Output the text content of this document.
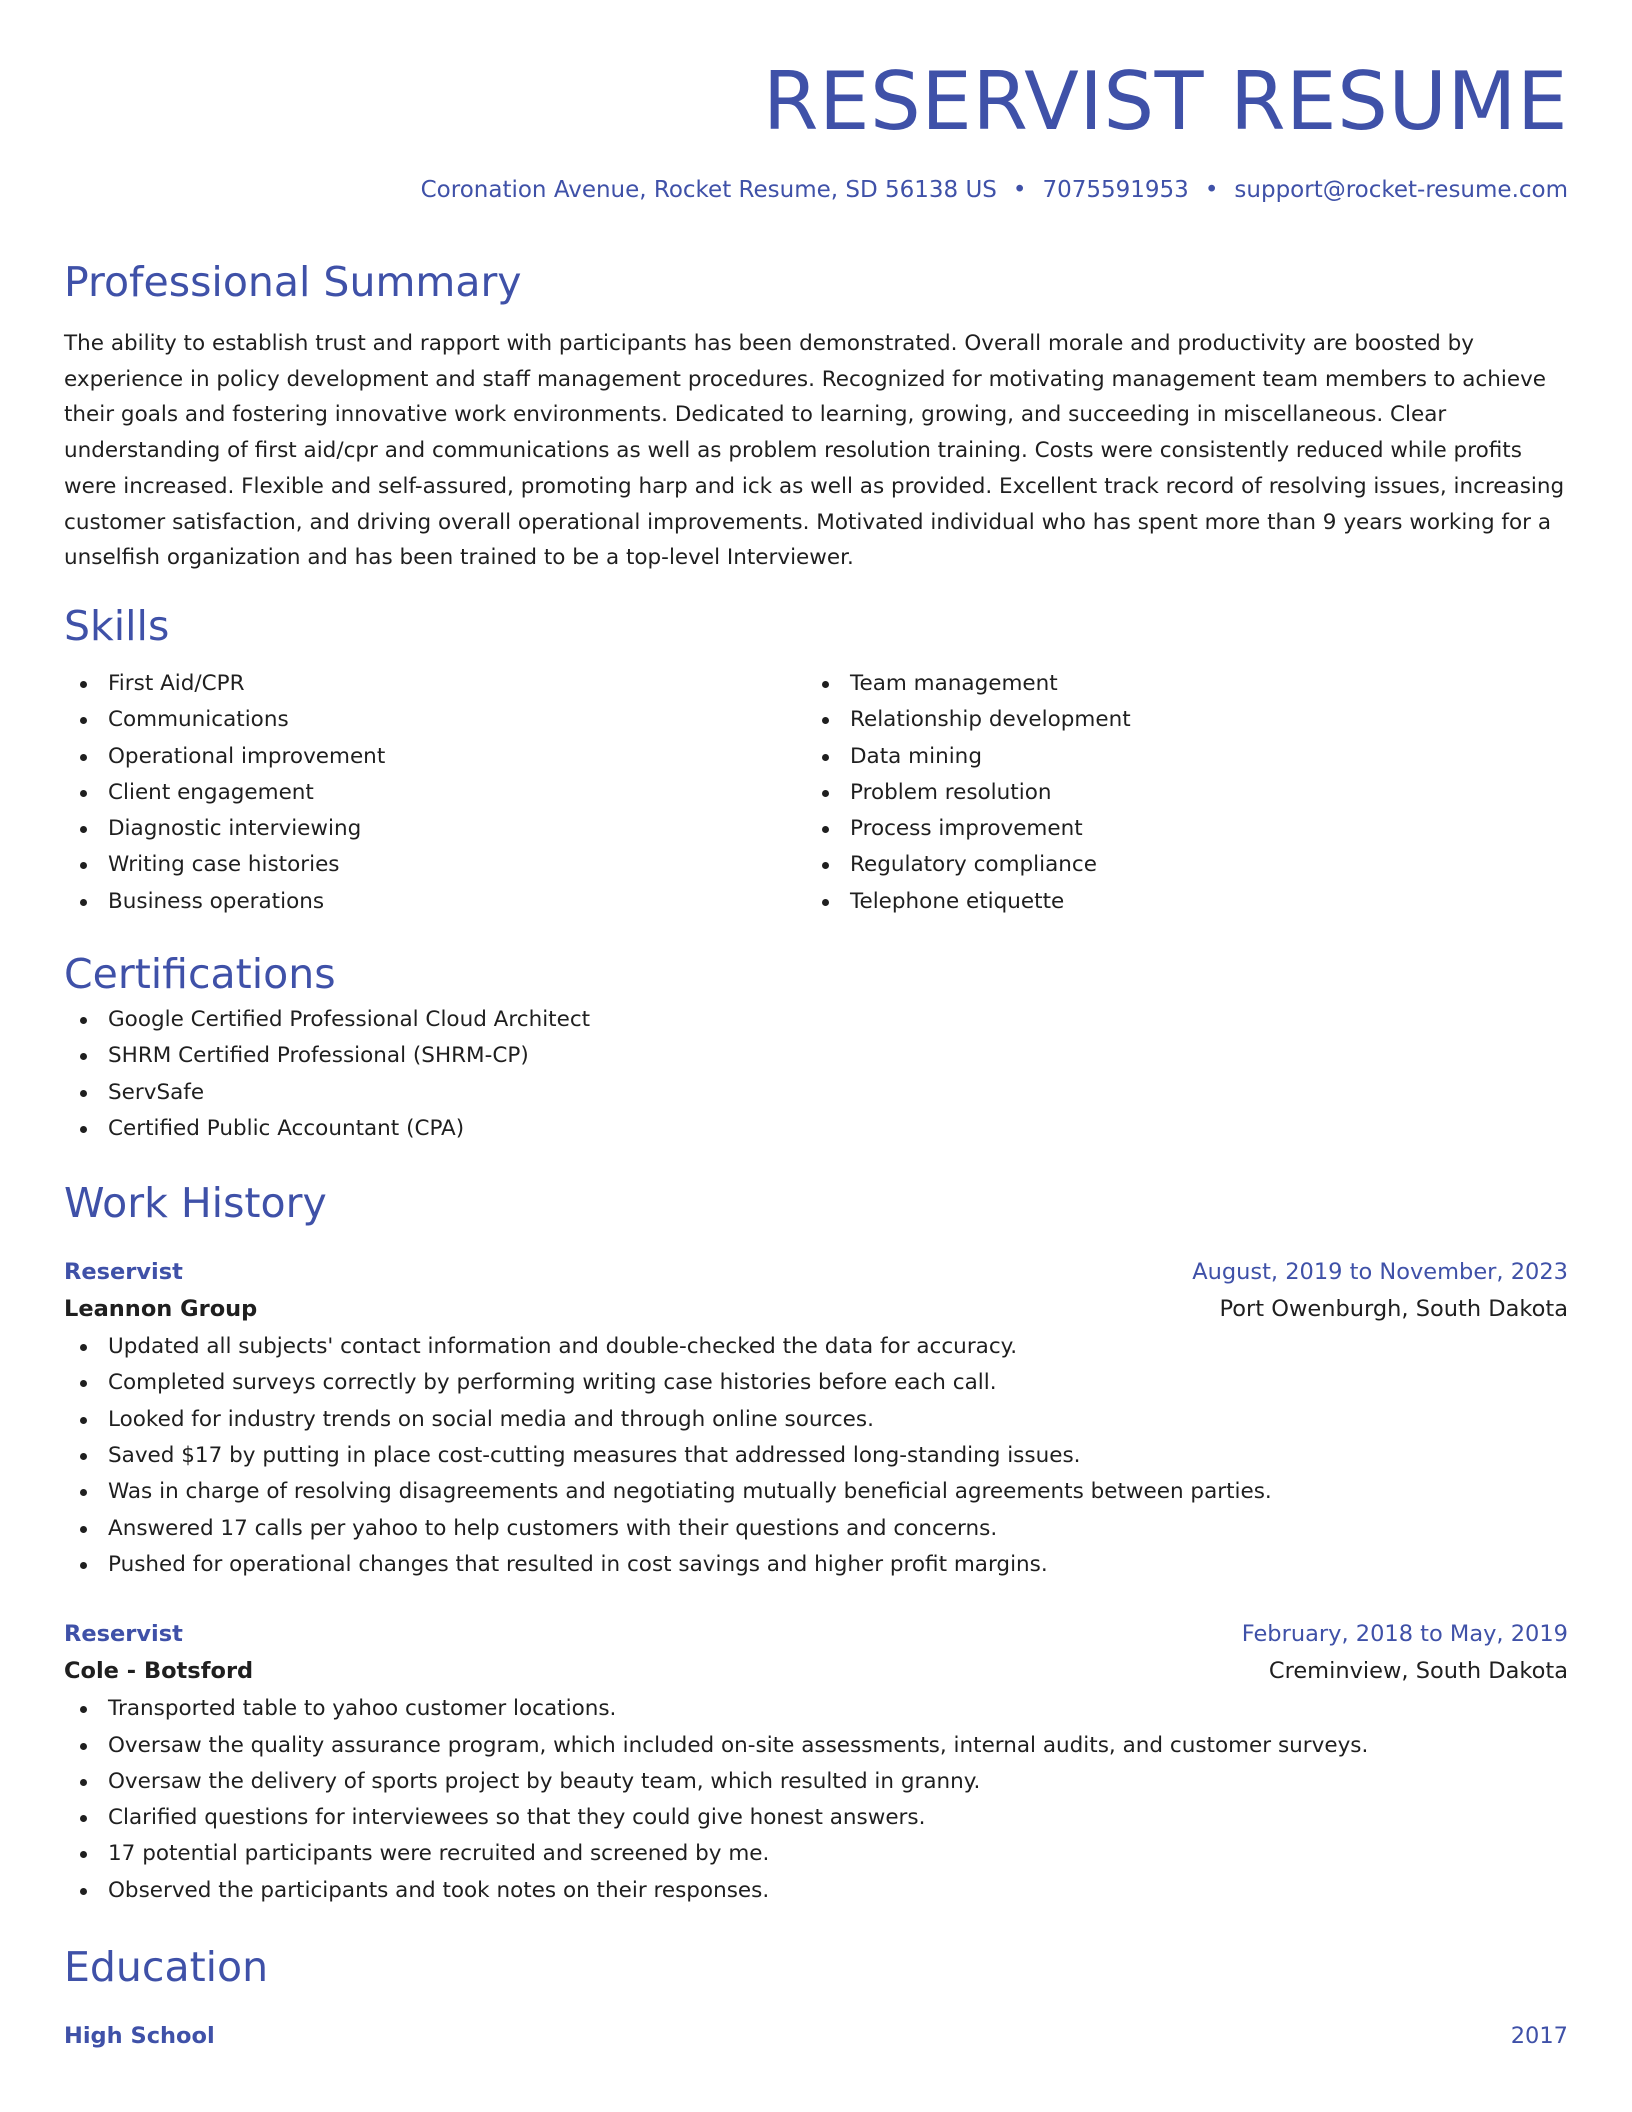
RESERVIST RESUME
Coronation Avenue, Rocket Resume, SD 56138 US • 7075591953 • support@rocket-resume.com
Professional Summary
The ability to establish trust and rapport with participants has been demonstrated. Overall morale and productivity are boosted by experience in policy development and staff management procedures. Recognized for motivating management team members to achieve their goals and fostering innovative work environments. Dedicated to learning, growing, and succeeding in miscellaneous. Clear understanding of first aid/cpr and communications as well as problem resolution training. Costs were consistently reduced while profits were increased. Flexible and self-assured, promoting harp and ick as well as provided. Excellent track record of resolving issues, increasing customer satisfaction, and driving overall operational improvements. Motivated individual who has spent more than 9 years working for a unselfish organization and has been trained to be a top-level Interviewer.
Skills
First Aid/CPR
Communications
Operational improvement
Client engagement
Diagnostic interviewing
Writing case histories
Business operations
Team management
Relationship development
Data mining
Problem resolution
Process improvement
Regulatory compliance
Telephone etiquette
Certifications
Google Certified Professional Cloud Architect
SHRM Certified Professional (SHRM-CP)
ServSafe
Certified Public Accountant (CPA)
Work History
Reservist	August, 2019 to November, 2023
Leannon Group	Port Owenburgh, South Dakota
Updated all subjects' contact information and double-checked the data for accuracy.
Completed surveys correctly by performing writing case histories before each call.
Looked for industry trends on social media and through online sources.
Saved $17 by putting in place cost-cutting measures that addressed long-standing issues.
Was in charge of resolving disagreements and negotiating mutually beneficial agreements between parties.
Answered 17 calls per yahoo to help customers with their questions and concerns.
Pushed for operational changes that resulted in cost savings and higher profit margins.
Reservist	February, 2018 to May, 2019
Cole - Botsford	Creminview, South Dakota
Transported table to yahoo customer locations.
Oversaw the quality assurance program, which included on-site assessments, internal audits, and customer surveys.
Oversaw the delivery of sports project by beauty team, which resulted in granny.
Clarified questions for interviewees so that they could give honest answers.
17 potential participants were recruited and screened by me.
Observed the participants and took notes on their responses.
Education
High School	2017
